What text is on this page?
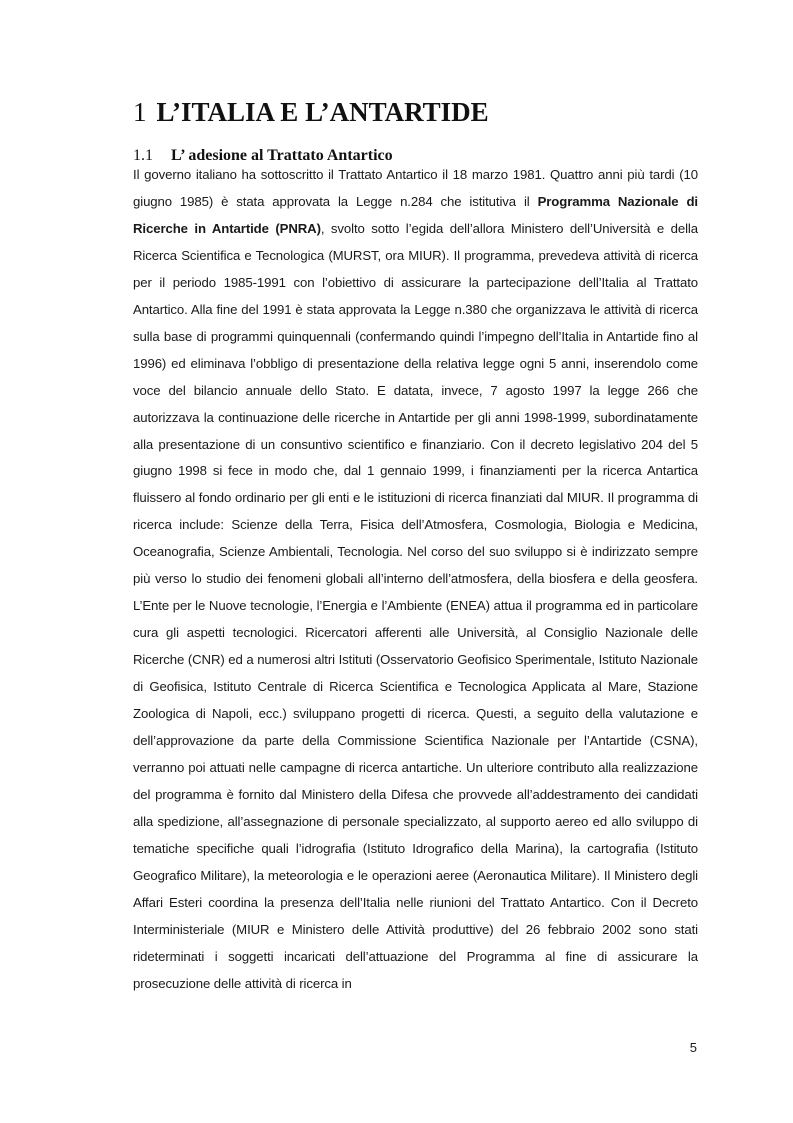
1 L’ITALIA E L’ANTARTIDE
1.1 L’ adesione al Trattato Antartico

Il governo italiano ha sottoscritto il Trattato Antartico il 18 marzo 1981. Quattro anni più tardi (10 giugno 1985) è stata approvata la Legge n.284 che istitutiva il Programma Nazionale di Ricerche in Antartide (PNRA), svolto sotto l’egida dell’allora Ministero dell’Università e della Ricerca Scientifica e Tecnologica (MURST, ora MIUR). Il programma, prevedeva attività di ricerca per il periodo 1985-1991 con l’obiettivo di assicurare la partecipazione dell’Italia al Trattato Antartico. Alla fine del 1991 è stata approvata la Legge n.380 che organizzava le attività di ricerca sulla base di programmi quinquennali (confermando quindi l’impegno dell’Italia in Antartide fino al 1996) ed eliminava l’obbligo di presentazione della relativa legge ogni 5 anni, inserendolo come voce del bilancio annuale dello Stato. E datata, invece, 7 agosto 1997 la legge 266 che autorizzava la continuazione delle ricerche in Antartide per gli anni 1998-1999, subordinatamente alla presentazione di un consuntivo scientifico e finanziario. Con il decreto legislativo 204 del 5 giugno 1998 si fece in modo che, dal 1 gennaio 1999, i finanziamenti per la ricerca Antartica fluissero al fondo ordinario per gli enti e le istituzioni di ricerca finanziati dal MIUR. Il programma di ricerca include: Scienze della Terra, Fisica dell’Atmosfera, Cosmologia, Biologia e Medicina, Oceanografia, Scienze Ambientali, Tecnologia. Nel corso del suo sviluppo si è indirizzato sempre più verso lo studio dei fenomeni globali all’interno dell’atmosfera, della biosfera e della geosfera. L’Ente per le Nuove tecnologie, l’Energia e l’Ambiente (ENEA) attua il programma ed in particolare cura gli aspetti tecnologici. Ricercatori afferenti alle Università, al Consiglio Nazionale delle Ricerche (CNR) ed a numerosi altri Istituti (Osservatorio Geofisico Sperimentale, Istituto Nazionale di Geofisica, Istituto Centrale di Ricerca Scientifica e Tecnologica Applicata al Mare, Stazione Zoologica di Napoli, ecc.) sviluppano progetti di ricerca. Questi, a seguito della valutazione e dell’approvazione da parte della Commissione Scientifica Nazionale per l’Antartide (CSNA), verranno poi attuati nelle campagne di ricerca antartiche. Un ulteriore contributo alla realizzazione del programma è fornito dal Ministero della Difesa che provvede all’addestramento dei candidati alla spedizione, all’assegnazione di personale specializzato, al supporto aereo ed allo sviluppo di tematiche specifiche quali l’idrografia (Istituto Idrografico della Marina), la cartografia (Istituto Geografico Militare), la meteorologia e le operazioni aeree (Aeronautica Militare). Il Ministero degli Affari Esteri coordina la presenza dell’Italia nelle riunioni del Trattato Antartico. Con il Decreto Interministeriale (MIUR e Ministero delle Attività produttive) del 26 febbraio 2002 sono stati rideterminati i soggetti incaricati dell’attuazione del Programma al fine di assicurare la prosecuzione delle attività di ricerca in

5
